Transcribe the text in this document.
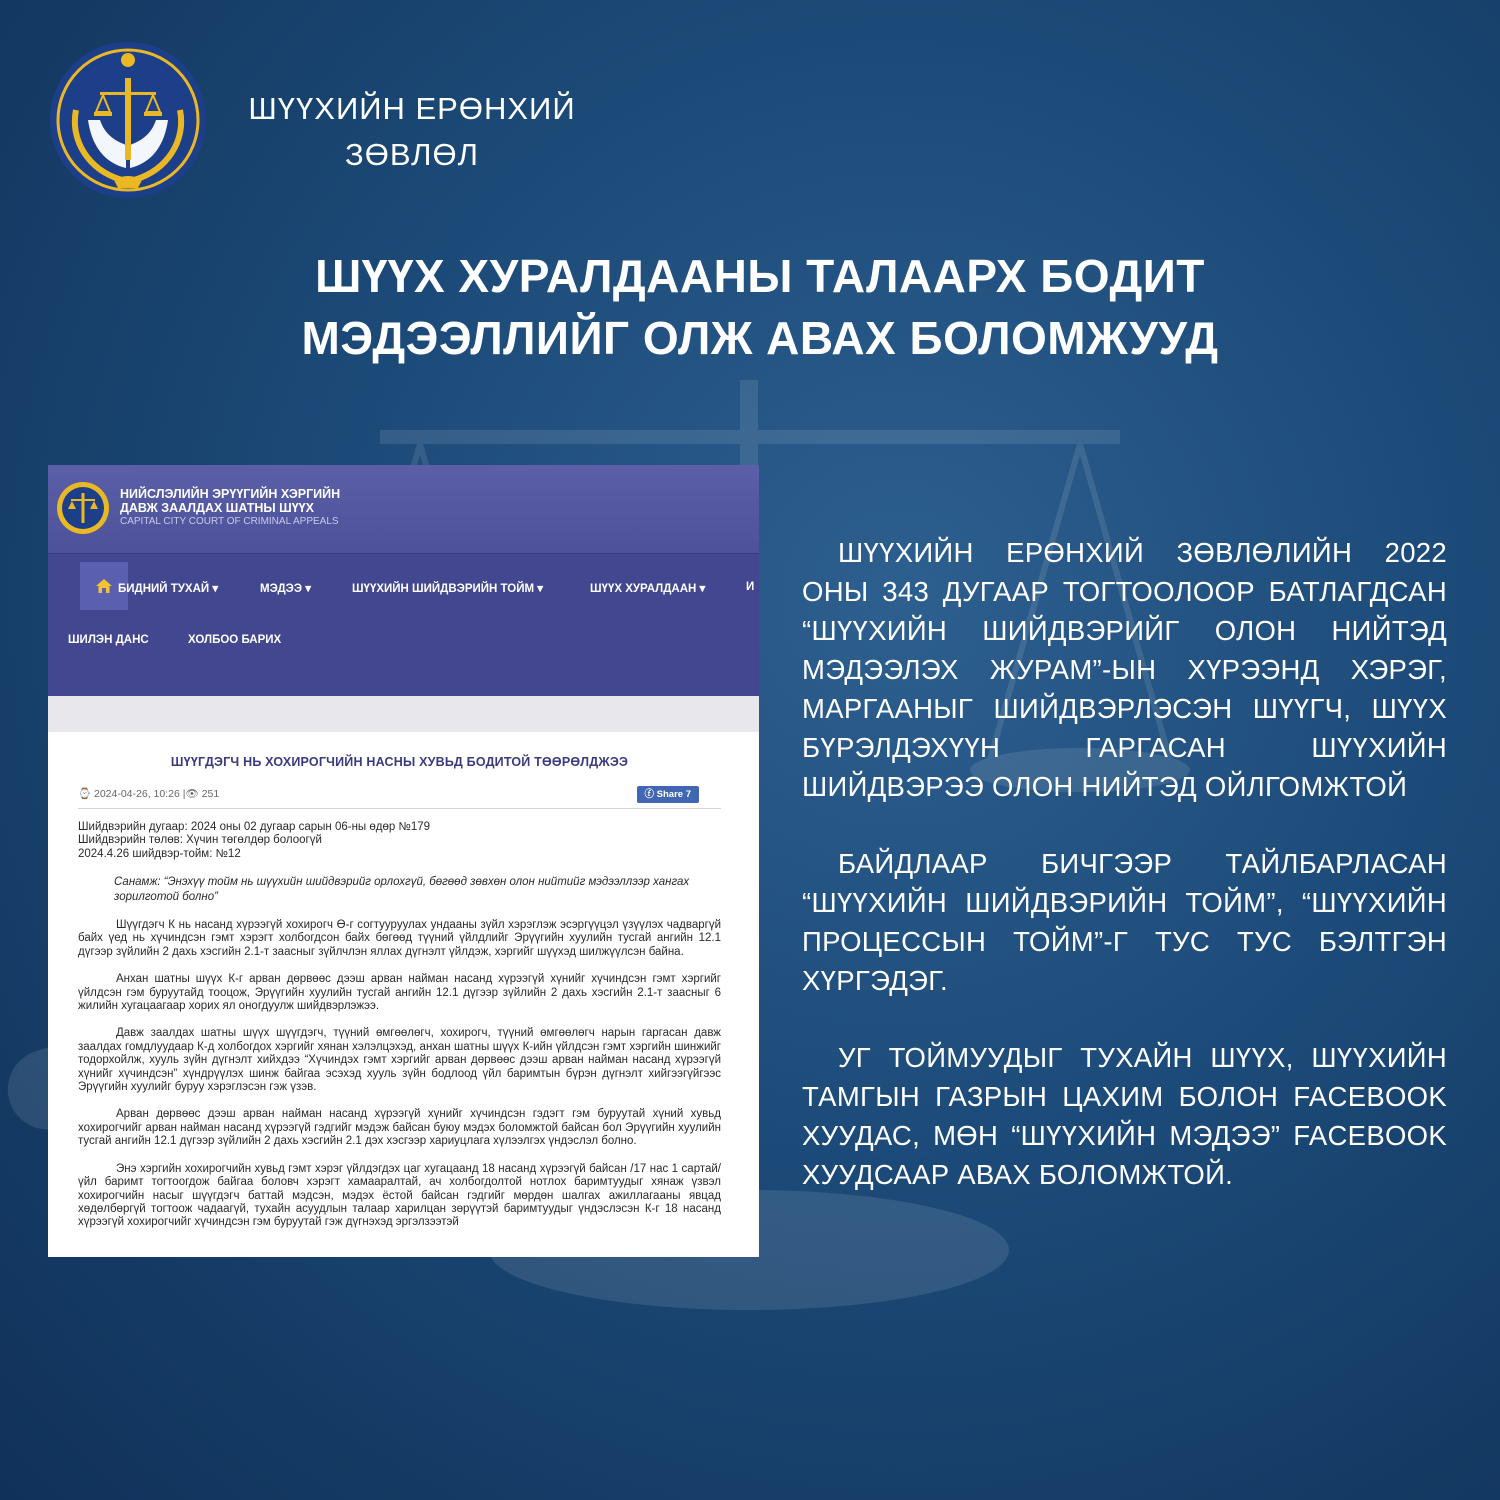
ШҮҮХИЙН ЕРӨНХИЙ
ЗӨВЛӨЛ
ШҮҮХ ХУРАЛДААНЫ ТАЛААРХ БОДИТ
МЭДЭЭЛЛИЙГ ОЛЖ АВАХ БОЛОМЖУУД
НИЙСЛЭЛИЙН ЭРҮҮГИЙН ХЭРГИЙН
ДАВЖ ЗААЛДАХ ШАТНЫ ШҮҮХ
CAPITAL CITY COURT OF CRIMINAL APPEALS
БИДНИЙ ТУХАЙ ▾	МЭДЭЭ ▾	ШҮҮХИЙН ШИЙДВЭРИЙН ТОЙМ ▾	ШҮҮХ ХУРАЛДААН ▾	И
ШИЛЭН ДАНС	ХОЛБОО БАРИХ
ШҮҮГДЭГЧ НЬ ХОХИРОГЧИЙН НАСНЫ ХУВЬД БОДИТОЙ ТӨӨРӨЛДЖЭЭ
⌚ 2024-04-26, 10:26 |👁 251	ⓕ Share 7
Шийдвэрийн дугаар: 2024 оны 02 дугаар сарын 06-ны өдөр №179
Шийдвэрийн төлөв: Хүчин төгөлдөр болоогүй
2024.4.26 шийдвэр-тойм: №12
Санамж: “Энэхүү тойм нь шүүхийн шийдвэрийг орлохгүй, бөгөөд зөвхөн олон нийтийг мэдээллээр хангах зорилготой болно”

Шүүгдэгч К нь насанд хүрээгүй хохирогч Ө-г согтууруулах ундааны зүйл хэрэглэж эсэргүүцэл үзүүлэх чадваргүй байх үед нь хүчиндсэн гэмт хэрэгт холбогдсон байх бөгөөд түүний үйлдлийг Эрүүгийн хуулийн тусгай ангийн 12.1 дүгээр зүйлийн 2 дахь хэсгийн 2.1-т заасныг зүйлчлэн яллах дүгнэлт үйлдэж, хэргийг шүүхэд шилжүүлсэн байна.

Анхан шатны шүүх К-г арван дөрвөөс дээш арван найман насанд хүрээгүй хүнийг хүчиндсэн гэмт хэргийг үйлдсэн гэм буруутайд тооцож, Эрүүгийн хуулийн тусгай ангийн 12.1 дүгээр зүйлийн 2 дахь хэсгийн 2.1-т заасныг 6 жилийн хугацаагаар хорих ял оногдуулж шийдвэрлэжээ.

Давж заалдах шатны шүүх шүүгдэгч, түүний өмгөөлөгч, хохирогч, түүний өмгөөлөгч нарын гаргасан давж заалдах гомдлуудаар К-д холбогдох хэргийг хянан хэлэлцэхэд, анхан шатны шүүх К-ийн үйлдсэн гэмт хэргийн шинжийг тодорхойлж, хууль зүйн дүгнэлт хийхдээ “Хүчиндэх гэмт хэргийг арван дөрвөөс дээш арван найман насанд хүрээгүй хүнийг хүчиндсэн” хүндрүүлэх шинж байгаа эсэхэд хууль зүйн бодлоод үйл баримтын бүрэн дүгнэлт хийгээгүйгээс Эрүүгийн хуулийг буруу хэрэглэсэн гэж үзэв.

Арван дөрвөөс дээш арван найман насанд хүрээгүй хүнийг хүчиндсэн гэдэгт гэм буруутай хүний хувьд хохирогчийг арван найман насанд хүрээгүй гэдгийг мэдэж байсан буюу мэдэх боломжтой байсан бол Эрүүгийн хуулийн тусгай ангийн 12.1 дүгээр зүйлийн 2 дахь хэсгийн 2.1 дэх хэсгээр хариуцлага хүлээлгэх үндэслэл болно.

Энэ хэргийн хохирогчийн хувьд гэмт хэрэг үйлдэгдэх цаг хугацаанд 18 насанд хүрээгүй байсан /17 нас 1 сартай/ үйл баримт тогтоогдож байгаа боловч хэрэгт хамааралтай, ач холбогдолтой нотлох баримтуудыг хянаж үзвэл хохирогчийн насыг шүүгдэгч баттай мэдсэн, мэдэх ёстой байсан гэдгийг мөрдөн шалгах ажиллагааны явцад хөдөлбөргүй тогтоож чадаагүй, тухайн асуудлын талаар харилцан зөрүүтэй баримтуудыг үндэслэсэн К-г 18 насанд хүрээгүй хохирогчийг хүчиндсэн гэм буруутай гэж дүгнэхэд эргэлзээтэй

ШҮҮХИЙН ЕРӨНХИЙ ЗӨВЛӨЛИЙН 2022 ОНЫ 343 ДУГААР ТОГТООЛООР БАТЛАГДСАН “ШҮҮХИЙН ШИЙДВЭРИЙГ ОЛОН НИЙТЭД МЭДЭЭЛЭХ ЖУРАМ”-ЫН ХҮРЭЭНД ХЭРЭГ, МАРГААНЫГ ШИЙДВЭРЛЭСЭН ШҮҮГЧ, ШҮҮХ БҮРЭЛДЭХҮҮН ГАРГАСАН ШҮҮХИЙН ШИЙДВЭРЭЭ ОЛОН НИЙТЭД ОЙЛГОМЖТОЙ

БАЙДЛААР БИЧГЭЭР ТАЙЛБАРЛАСАН “ШҮҮХИЙН ШИЙДВЭРИЙН ТОЙМ”, “ШҮҮХИЙН ПРОЦЕССЫН ТОЙМ”-Г ТУС ТУС БЭЛТГЭН ХҮРГЭДЭГ.

УГ ТОЙМУУДЫГ ТУХАЙН ШҮҮХ, ШҮҮХИЙН ТАМГЫН ГАЗРЫН ЦАХИМ БОЛОН FACEBOOK ХУУДАС, МӨН “ШҮҮХИЙН МЭДЭЭ” FACEBOOK ХУУДСААР АВАХ БОЛОМЖТОЙ.
